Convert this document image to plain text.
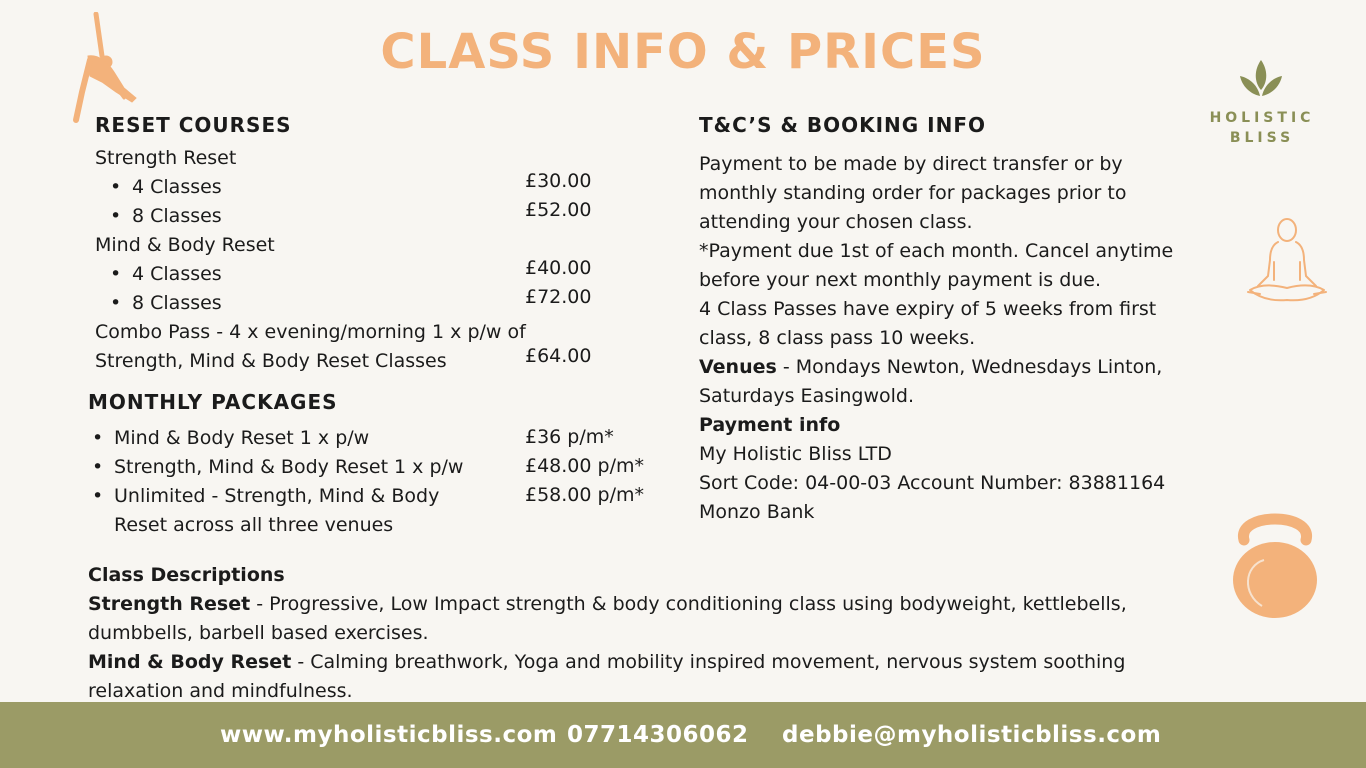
CLASS INFO & PRICES
HOLISTIC
BLISS
RESET COURSES
Strength Reset
• 4 Classes
• 8 Classes
£30.00
£52.00
Mind & Body Reset
• 4 Classes
• 8 Classes
£40.00
£72.00
Combo Pass - 4 x evening/morning 1 x p/w of
Strength, Mind & Body Reset Classes	£64.00
MONTHLY PACKAGES
• Mind & Body Reset 1 x p/w
• Strength, Mind & Body Reset 1 x p/w
• Unlimited - Strength, Mind & Body
Reset across all three venues
£36 p/m*
£48.00 p/m*
£58.00 p/m*
T&C’S & BOOKING INFO
Payment to be made by direct transfer or by
monthly standing order for packages prior to
attending your chosen class.
*Payment due 1st of each month. Cancel anytime
before your next monthly payment is due.
4 Class Passes have expiry of 5 weeks from first
class, 8 class pass 10 weeks.
Venues - Mondays Newton, Wednesdays Linton,
Saturdays Easingwold.
Payment info
My Holistic Bliss LTD
Sort Code: 04-00-03 Account Number: 83881164
Monzo Bank
Class Descriptions
Strength Reset - Progressive, Low Impact strength & body conditioning class using bodyweight, kettlebells,
dumbbells, barbell based exercises.
Mind & Body Reset - Calming breathwork, Yoga and mobility inspired movement, nervous system soothing
relaxation and mindfulness.
www.myholisticbliss.com 07714306062 debbie@myholisticbliss.com
